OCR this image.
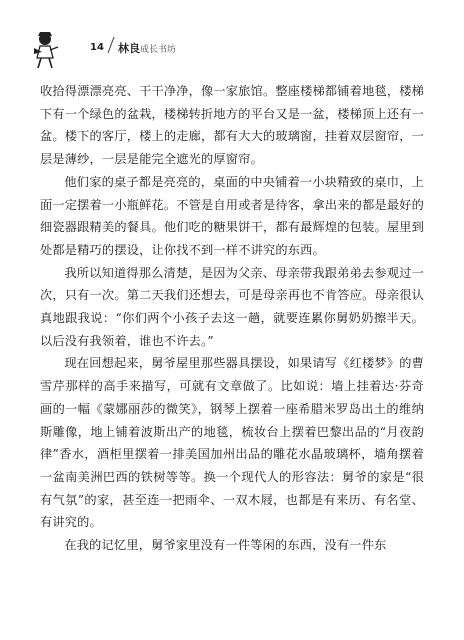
14 林良成长书坊

收拾得漂漂亮亮、干干净净，像一家旅馆。整座楼梯都铺着地毯，楼梯下有一个绿色的盆栽，楼梯转折地方的平台又是一盆，楼梯顶上还有一盆。楼下的客厅，楼上的走廊，都有大大的玻璃窗，挂着双层窗帘，一层是薄纱，一层是能完全遮光的厚窗帘。

他们家的桌子都是亮亮的，桌面的中央铺着一小块精致的桌巾，上面一定摆着一小瓶鲜花。不管是自用或者是待客，拿出来的都是最好的细瓷器跟精美的餐具。他们吃的糖果饼干，都有最辉煌的包装。屋里到处都是精巧的摆设，让你找不到一样不讲究的东西。

我所以知道得那么清楚，是因为父亲、母亲带我跟弟弟去参观过一次，只有一次。第二天我们还想去，可是母亲再也不肯答应。母亲很认真地跟我说：“你们两个小孩子去这一趟，就要连累你舅奶奶擦半天。以后没有我领着，谁也不许去。”

现在回想起来，舅爷屋里那些器具摆设，如果请写《红楼梦》的曹雪芹那样的高手来描写，可就有文章做了。比如说：墙上挂着达·芬奇画的一幅《蒙娜丽莎的微笑》，钢琴上摆着一座希腊米罗岛出土的维纳斯雕像，地上铺着波斯出产的地毯，梳妆台上摆着巴黎出品的“月夜韵律”香水，酒柜里摆着一排美国加州出品的雕花水晶玻璃杯，墙角摆着一盆南美洲巴西的铁树等等。换一个现代人的形容法：舅爷的家是“很有气氛”的家，甚至连一把雨伞、一双木屐，也都是有来历、有名堂、有讲究的。

在我的记忆里，舅爷家里没有一件等闲的东西，没有一件东
